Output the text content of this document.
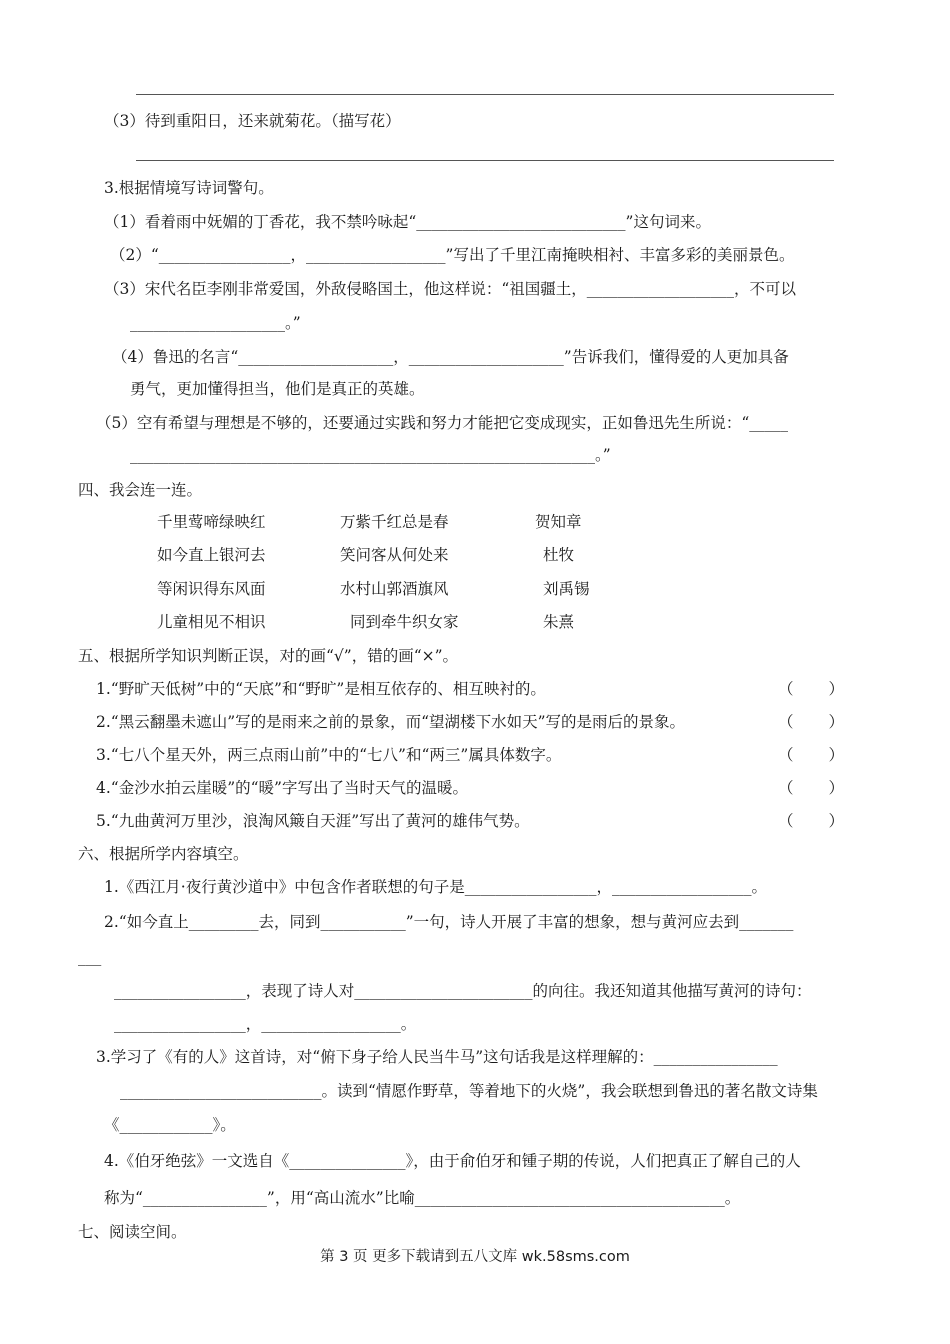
（3）待到重阳日，还来就菊花。（描写花）
3.根据情境写诗词警句。
（1）看着雨中妩媚的丁香花，我不禁吟咏起“___________________________”这句词来。
（2）“_________________，__________________”写出了千里江南掩映相衬、丰富多彩的美丽景色。
（3）宋代名臣李刚非常爱国，外敌侵略国土，他这样说：“祖国疆土，___________________，不可以
____________________。”
（4）鲁迅的名言“____________________，____________________”告诉我们，懂得爱的人更加具备
勇气，更加懂得担当，他们是真正的英雄。
（5）空有希望与理想是不够的，还要通过实践和努力才能把它变成现实，正如鲁迅先生所说：“_____
____________________________________________________________。”
四、我会连一连。
千里莺啼绿映红	万紫千红总是春	贺知章
如今直上银河去	笑问客从何处来	杜牧
等闲识得东风面	水村山郭酒旗风	刘禹锡
儿童相见不相识	同到牵牛织女家	朱熹
五、根据所学知识判断正误，对的画“√”，错的画“×”。
1.“野旷天低树”中的“天底”和“野旷”是相互依存的、相互映衬的。	（ ）
2.“黑云翻墨未遮山”写的是雨来之前的景象，而“望湖楼下水如天”写的是雨后的景象。	（ ）
3.“七八个星天外，两三点雨山前”中的“七八”和“两三”属具体数字。	（ ）
4.“金沙水拍云崖暖”的“暖”字写出了当时天气的温暖。	（ ）
5.“九曲黄河万里沙，浪淘风簸自天涯”写出了黄河的雄伟气势。	（ ）
六、根据所学内容填空。
1.《西江月·夜行黄沙道中》中包含作者联想的句子是_________________，__________________。
2.“如今直上_________去，同到___________”一句，诗人开展了丰富的想象，想与黄河应去到_______
___
_________________，表现了诗人对_______________________的向往。我还知道其他描写黄河的诗句：
_________________，__________________。
3.学习了《有的人》这首诗，对“俯下身子给人民当牛马”这句话我是这样理解的：________________
__________________________。读到“情愿作野草，等着地下的火烧”，我会联想到鲁迅的著名散文诗集
《____________》。
4.《伯牙绝弦》一文选自《_______________》，由于俞伯牙和锺子期的传说，人们把真正了解自己的人
称为“________________”，用“高山流水”比喻________________________________________。
七、阅读空间。
第 3 页 更多下载请到五八文库 wk.58sms.com
